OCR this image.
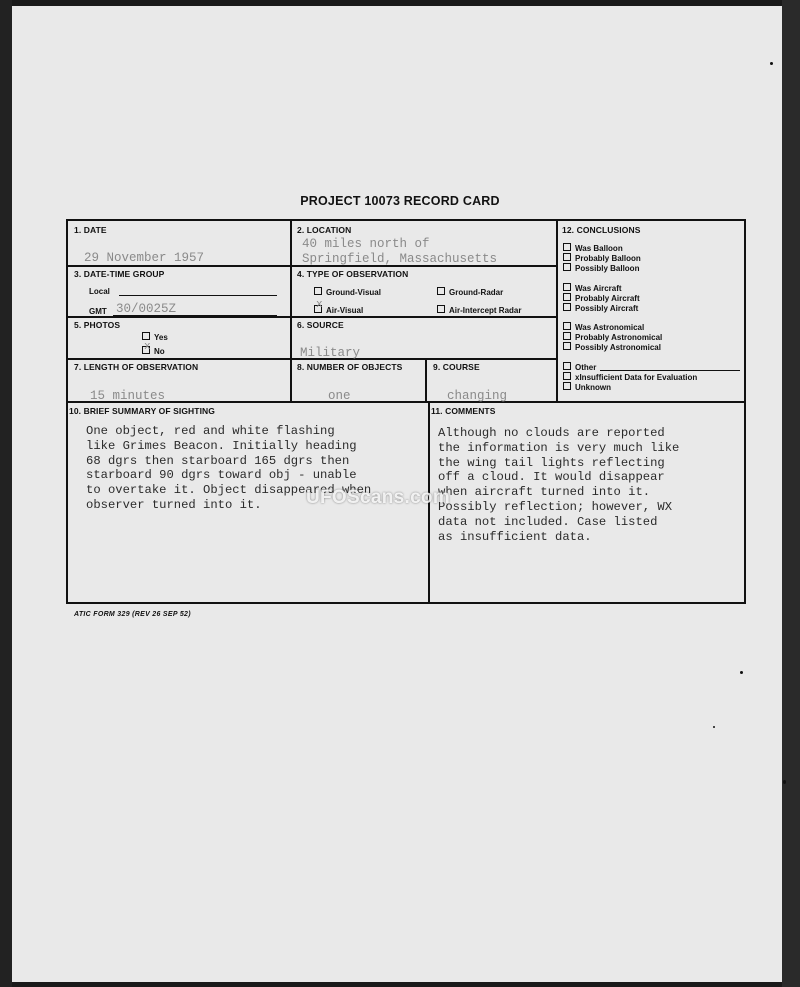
PROJECT 10073 RECORD CARD
1. DATE
29 November 1957
2. LOCATION
40 miles north of
Springfield, Massachusetts
3. DATE-TIME GROUP
Local
GMT 30/0025Z
4. TYPE OF OBSERVATION
Ground-Visual	Ground-Radar
Air-Visual
x	Air-Intercept Radar
5. PHOTOS
Yes
No
x
6. SOURCE
Military
7. LENGTH OF OBSERVATION
15 minutes
8. NUMBER OF OBJECTS
one
9. COURSE
changing
10. BRIEF SUMMARY OF SIGHTING
One object, red and white flashing
like Grimes Beacon. Initially heading
68 dgrs then starboard 165 dgrs then
starboard 90 dgrs toward obj - unable
to overtake it. Object disappeared when
observer turned into it.
11. COMMENTS
Although no clouds are reported
the information is very much like
the wing tail lights reflecting
off a cloud. It would disappear
when aircraft turned into it.
Possibly reflection; however, WX
data not included. Case listed
as insufficient data.
12. CONCLUSIONS
Was Balloon
Probably Balloon
Possibly Balloon
Was Aircraft
Probably Aircraft
Possibly Aircraft
Was Astronomical
Probably Astronomical
Possibly Astronomical
Other
xInsufficient Data for Evaluation
Unknown
ATIC FORM 329 (REV 26 SEP 52)
UFOScans.com
